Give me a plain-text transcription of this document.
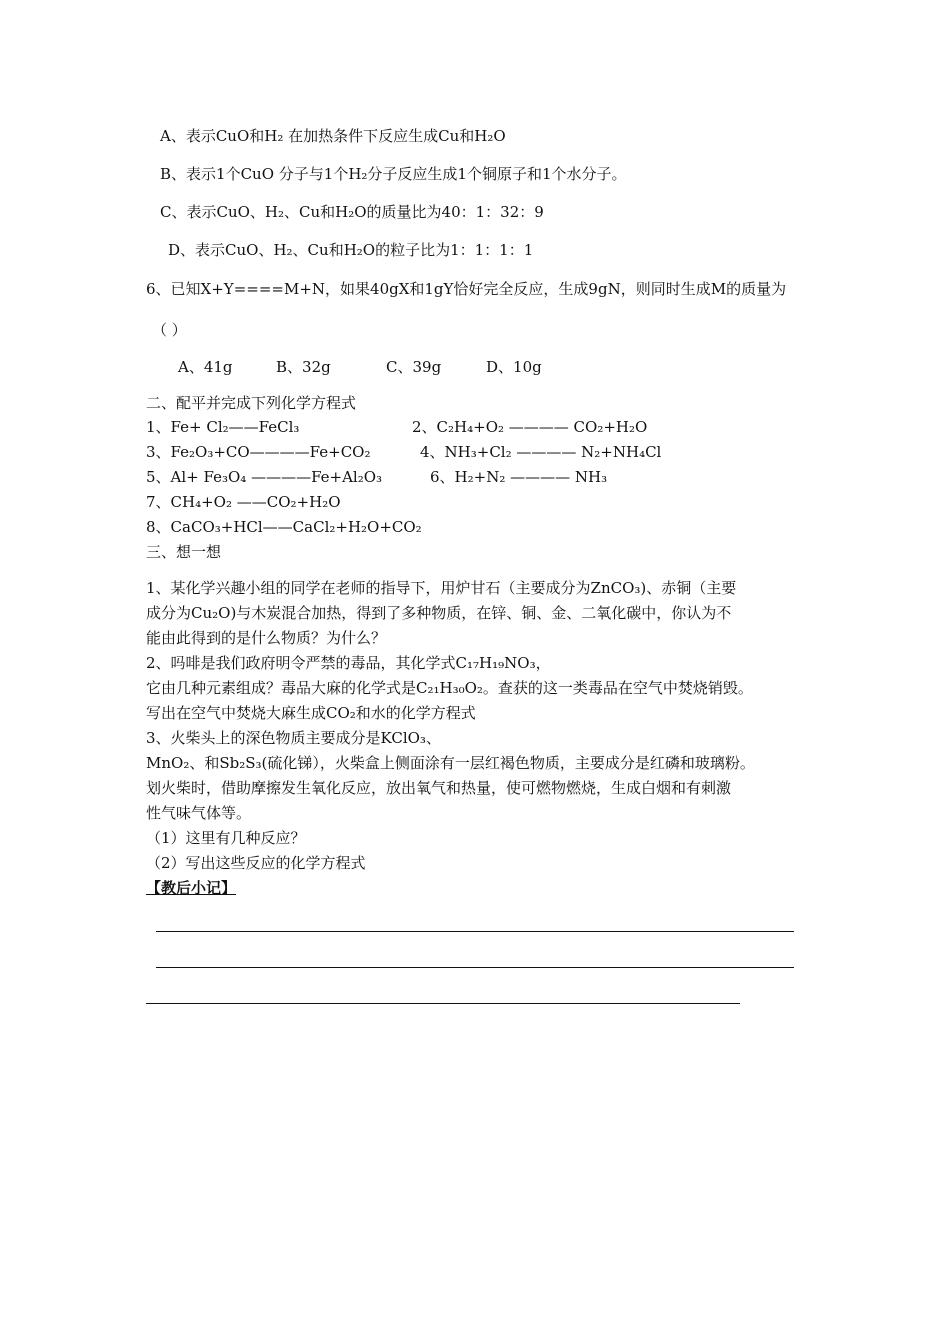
A、表示CuO和H₂ 在加热条件下反应生成Cu和H₂O
B、表示1个CuO 分子与1个H₂分子反应生成1个铜原子和1个水分子。
C、表示CuO、H₂、Cu和H₂O的质量比为40：1：32：9
D、表示CuO、H₂、Cu和H₂O的粒子比为1：1：1：1
6、已知X+Y====M+N，如果40gX和1gY恰好完全反应，生成9gN，则同时生成M的质量为
（ ）
A、41g	B、32g	C、39g	D、10g
二、配平并完成下列化学方程式
1、Fe+ Cl₂——FeCl₃	2、C₂H₄+O₂ ———— CO₂+H₂O
3、Fe₂O₃+CO————Fe+CO₂	4、NH₃+Cl₂ ———— N₂+NH₄Cl
5、Al+ Fe₃O₄ ————Fe+Al₂O₃	6、H₂+N₂ ———— NH₃
7、CH₄+O₂ ——CO₂+H₂O
8、CaCO₃+HCl——CaCl₂+H₂O+CO₂
三、想一想
1、某化学兴趣小组的同学在老师的指导下，用炉甘石（主要成分为ZnCO₃)、赤铜（主要
成分为Cu₂O)与木炭混合加热，得到了多种物质，在锌、铜、金、二氧化碳中，你认为不
能由此得到的是什么物质？为什么？
2、吗啡是我们政府明令严禁的毒品，其化学式C₁₇H₁₉NO₃，
它由几种元素组成？毒品大麻的化学式是C₂₁H₃₀O₂。查获的这一类毒品在空气中焚烧销毁。
写出在空气中焚烧大麻生成CO₂和水的化学方程式
3、火柴头上的深色物质主要成分是KClO₃、
MnO₂、和Sb₂S₃(硫化锑），火柴盒上侧面涂有一层红褐色物质，主要成分是红磷和玻璃粉。
划火柴时，借助摩擦发生氧化反应，放出氧气和热量，使可燃物燃烧，生成白烟和有刺激
性气味气体等。
（1）这里有几种反应？
（2）写出这些反应的化学方程式
【教后小记】
